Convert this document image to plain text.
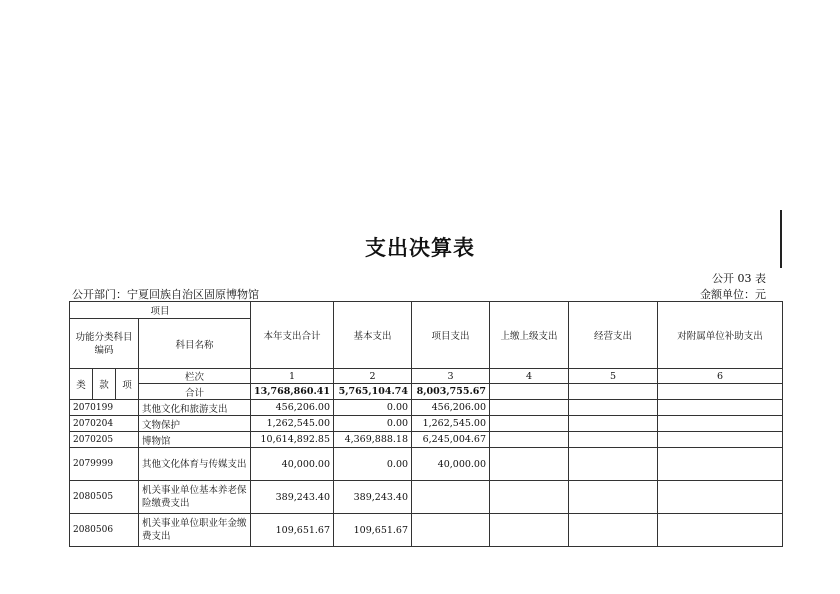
支出决算表
公开 03 表
公开部门：宁夏回族自治区固原博物馆	金额单位：元
项目				本年支出合计	基本支出	项目支出	上缴上级支出	经营支出	对附属单位补助支出
功能分类科目编码			科目名称						

类	款	项	栏次	1	2	3	4	5	6
			合计	13,768,860.41	5,765,104.74	8,003,755.67			
2070199			其他文化和旅游支出	456,206.00	0.00	456,206.00			
2070204			文物保护	1,262,545.00	0.00	1,262,545.00			
2070205			博物馆	10,614,892.85	4,369,888.18	6,245,004.67			
2079999			其他文化体育与传媒支出	40,000.00	0.00	40,000.00			
2080505			机关事业单位基本养老保险缴费支出	389,243.40	389,243.40				
2080506			机关事业单位职业年金缴费支出	109,651.67	109,651.67				
